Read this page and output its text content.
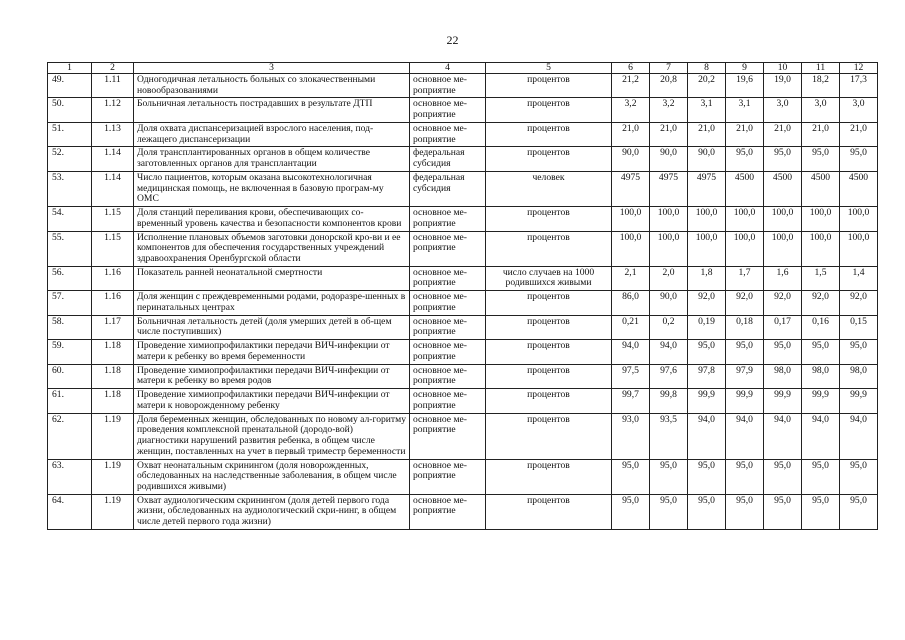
22
1	2	3	4	5	6	7	8	9	10	11	12
49.	1.11	Одногодичная летальность больных со злокачественными новообразованиями	основное ме-роприятие	процентов	21,2	20,8	20,2	19,6	19,0	18,2	17,3
50.	1.12	Больничная летальность пострадавших в результате ДТП	основное ме-роприятие	процентов	3,2	3,2	3,1	3,1	3,0	3,0	3,0
51.	1.13	Доля охвата диспансеризацией взрослого населения, под-лежащего диспансеризации	основное ме-роприятие	процентов	21,0	21,0	21,0	21,0	21,0	21,0	21,0
52.	1.14	Доля трансплантированных органов в общем количестве заготовленных органов для трансплантации	федеральная субсидия	процентов	90,0	90,0	90,0	95,0	95,0	95,0	95,0
53.	1.14	Число пациентов, которым оказана высокотехнологичная медицинская помощь, не включенная в базовую програм-му ОМС	федеральная субсидия	человек	4975	4975	4975	4500	4500	4500	4500
54.	1.15	Доля станций переливания крови, обеспечивающих со-временный уровень качества и безопасности компонентов крови	основное ме-роприятие	процентов	100,0	100,0	100,0	100,0	100,0	100,0	100,0
55.	1.15	Исполнение плановых объемов заготовки донорской кро-ви и ее компонентов для обеспечения государственных учреждений здравоохранения Оренбургской области	основное ме-роприятие	процентов	100,0	100,0	100,0	100,0	100,0	100,0	100,0
56.	1.16	Показатель ранней неонатальной смертности	основное ме-роприятие	число случаев на 1000 родившихся живыми	2,1	2,0	1,8	1,7	1,6	1,5	1,4
57.	1.16	Доля женщин с преждевременными родами, родоразре-шенных в перинатальных центрах	основное ме-роприятие	процентов	86,0	90,0	92,0	92,0	92,0	92,0	92,0
58.	1.17	Больничная летальность детей (доля умерших детей в об-щем числе поступивших)	основное ме-роприятие	процентов	0,21	0,2	0,19	0,18	0,17	0,16	0,15
59.	1.18	Проведение химиопрофилактики передачи ВИЧ-инфекции от матери к ребенку во время беременности	основное ме-роприятие	процентов	94,0	94,0	95,0	95,0	95,0	95,0	95,0
60.	1.18	Проведение химиопрофилактики передачи ВИЧ-инфекции от матери к ребенку во время родов	основное ме-роприятие	процентов	97,5	97,6	97,8	97,9	98,0	98,0	98,0
61.	1.18	Проведение химиопрофилактики передачи ВИЧ-инфекции от матери к новорожденному ребенку	основное ме-роприятие	процентов	99,7	99,8	99,9	99,9	99,9	99,9	99,9
62.	1.19	Доля беременных женщин, обследованных по новому ал-горитму проведения комплексной пренатальной (дородо-вой) диагностики нарушений развития ребенка, в общем числе женщин, поставленных на учет в первый триместр беременности	основное ме-роприятие	процентов	93,0	93,5	94,0	94,0	94,0	94,0	94,0
63.	1.19	Охват неонатальным скринингом (доля новорожденных, обследованных на наследственные заболевания, в общем числе родившихся живыми)	основное ме-роприятие	процентов	95,0	95,0	95,0	95,0	95,0	95,0	95,0
64.	1.19	Охват аудиологическим скринингом (доля детей первого года жизни, обследованных на аудиологический скри-нинг, в общем числе детей первого года жизни)	основное ме-роприятие	процентов	95,0	95,0	95,0	95,0	95,0	95,0	95,0
